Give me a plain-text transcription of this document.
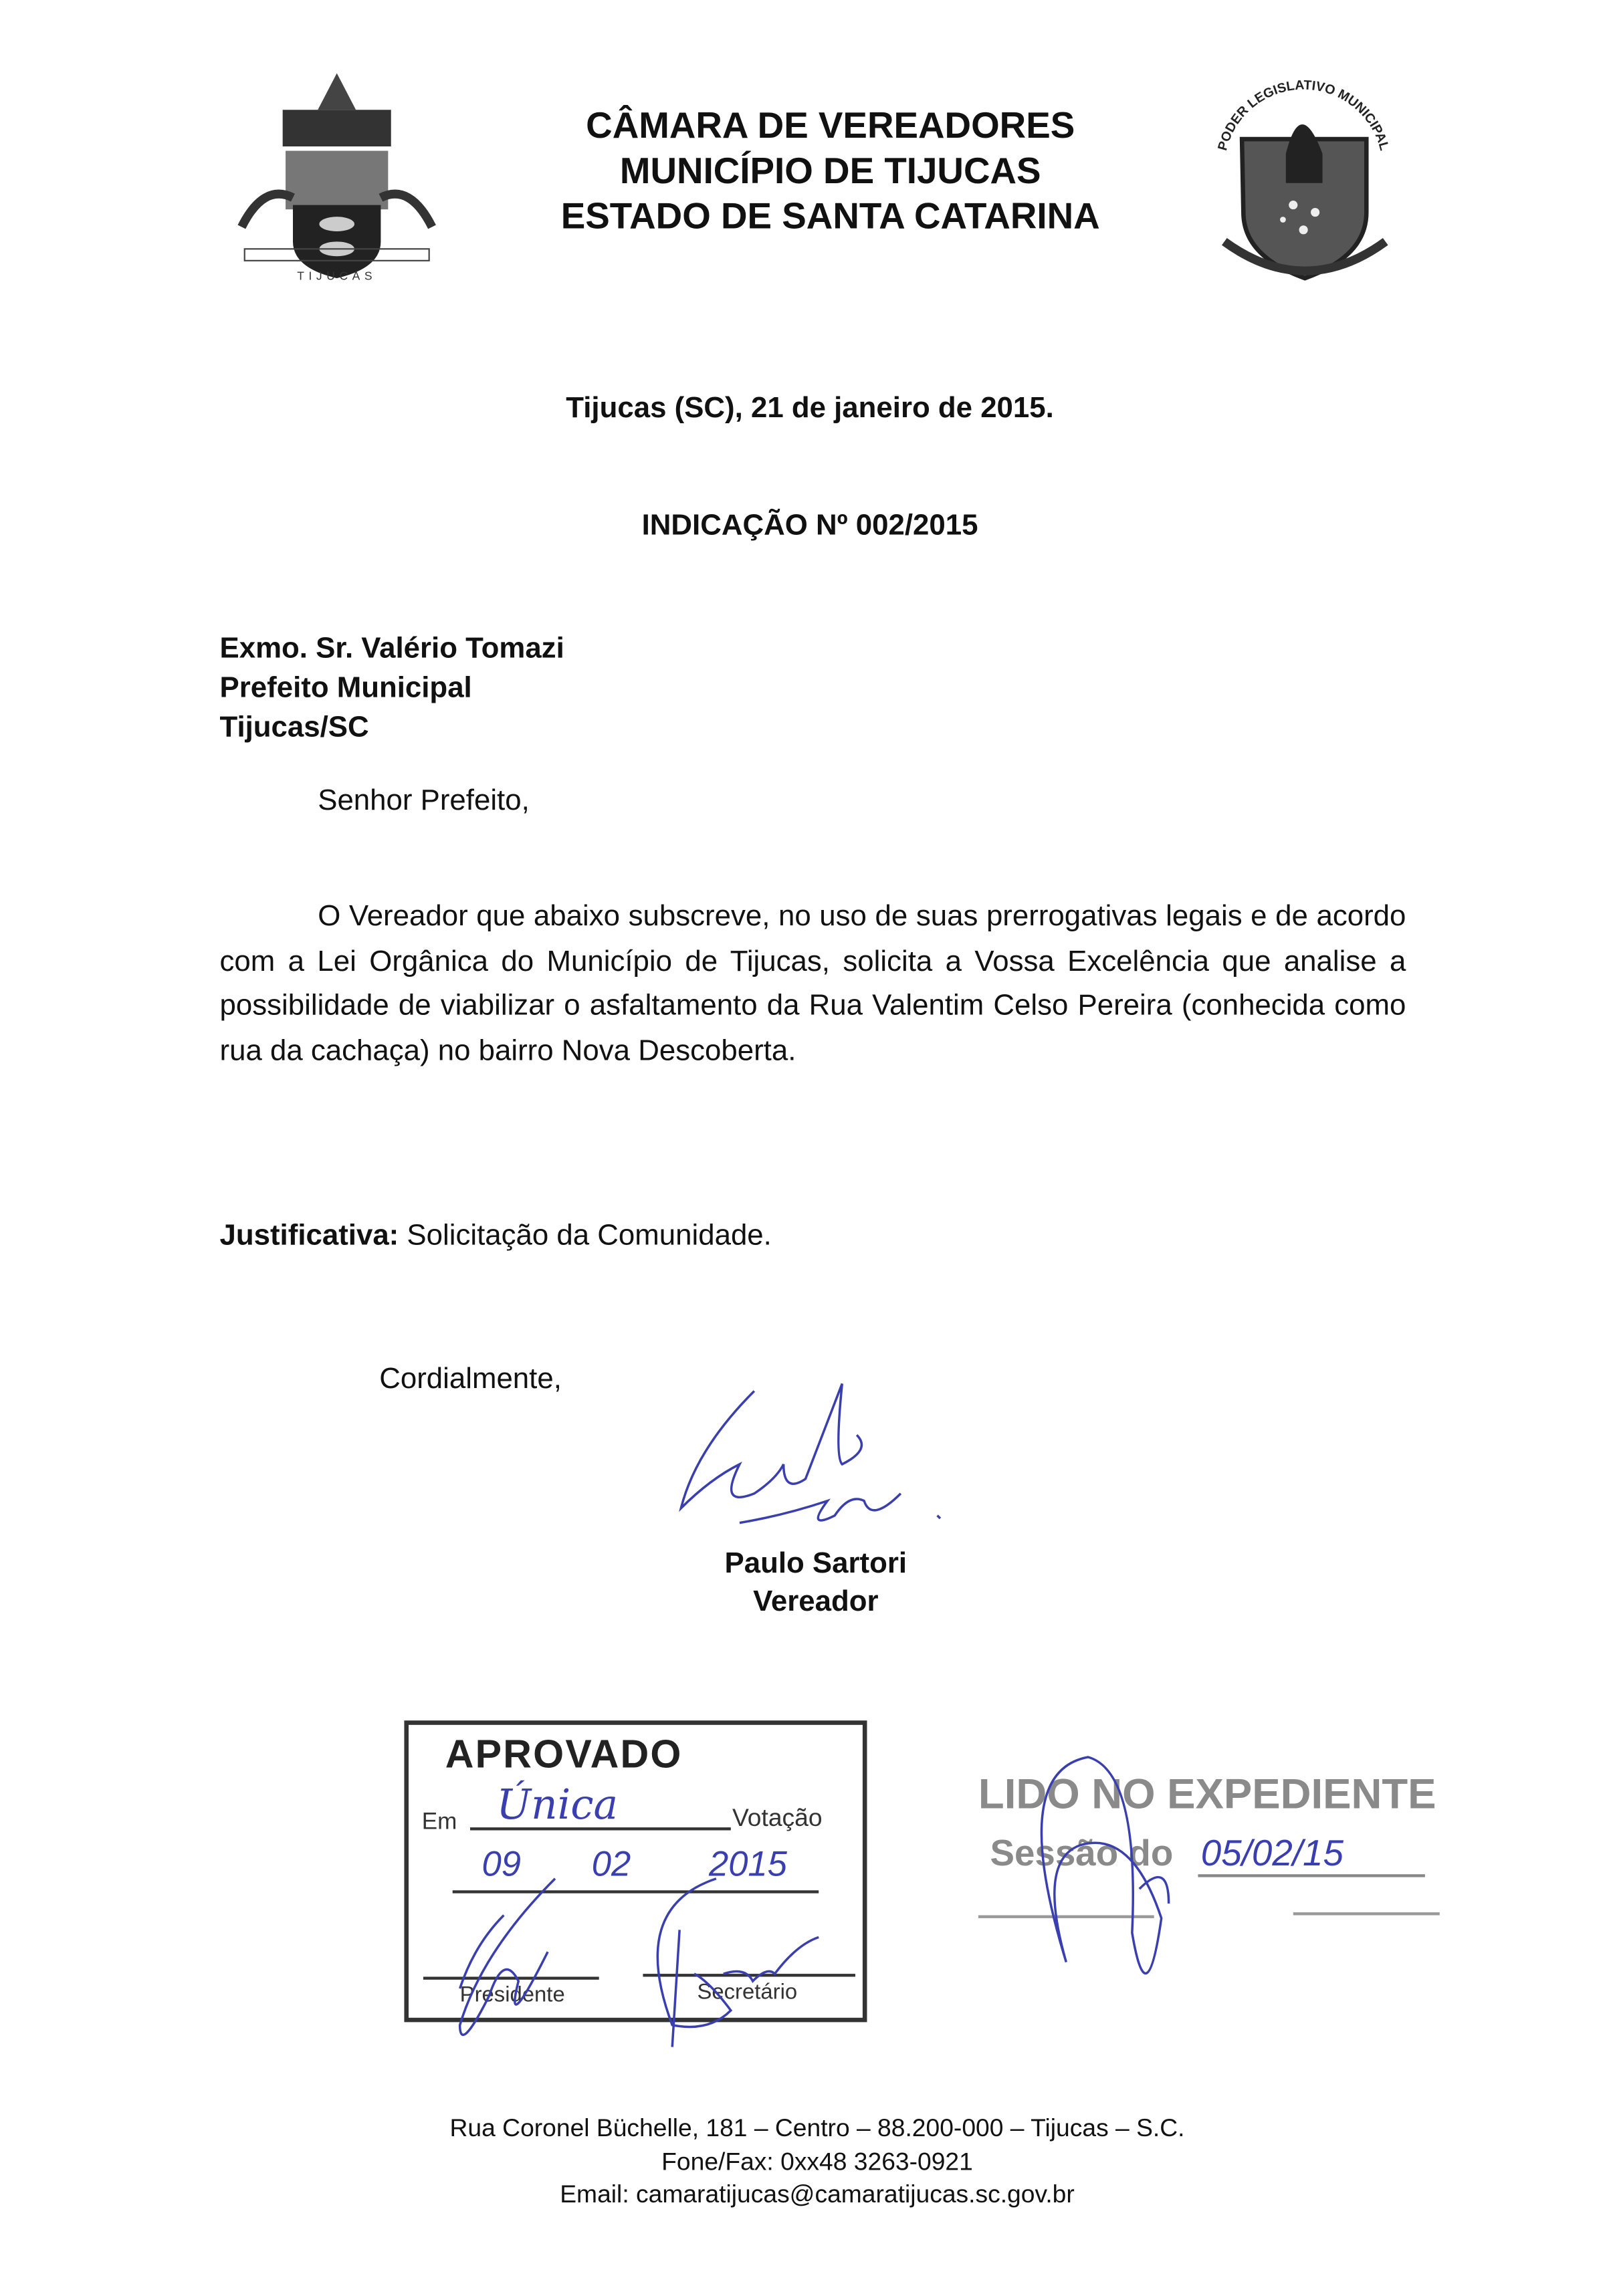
TIJUCAS
CÂMARA DE VEREADORES
MUNICÍPIO DE TIJUCAS
ESTADO DE SANTA CATARINA
PODER LEGISLATIVO MUNICIPAL
Tijucas (SC), 21 de janeiro de 2015.
INDICAÇÃO Nº 002/2015
Exmo. Sr. Valério Tomazi
Prefeito Municipal
Tijucas/SC
Senhor Prefeito,
O Vereador que abaixo subscreve, no uso de suas prerrogativas legais e de acordo com a Lei Orgânica do Município de Tijucas, solicita a Vossa Excelência que analise a possibilidade de viabilizar o asfaltamento da Rua Valentim Celso Pereira (conhecida como rua da cachaça) no bairro Nova Descoberta.
Justificativa: Solicitação da Comunidade.
Cordialmente,
Paulo Sartori
Vereador
APROVADO
Em Única	Votação
09	02	2015
Presidente	Secretário
LIDO NO EXPEDIENTE
Sessão do 05/02/15
Rua Coronel Büchelle, 181 – Centro – 88.200-000 – Tijucas – S.C.
Fone/Fax: 0xx48 3263-0921
Email: camaratijucas@camaratijucas.sc.gov.br
